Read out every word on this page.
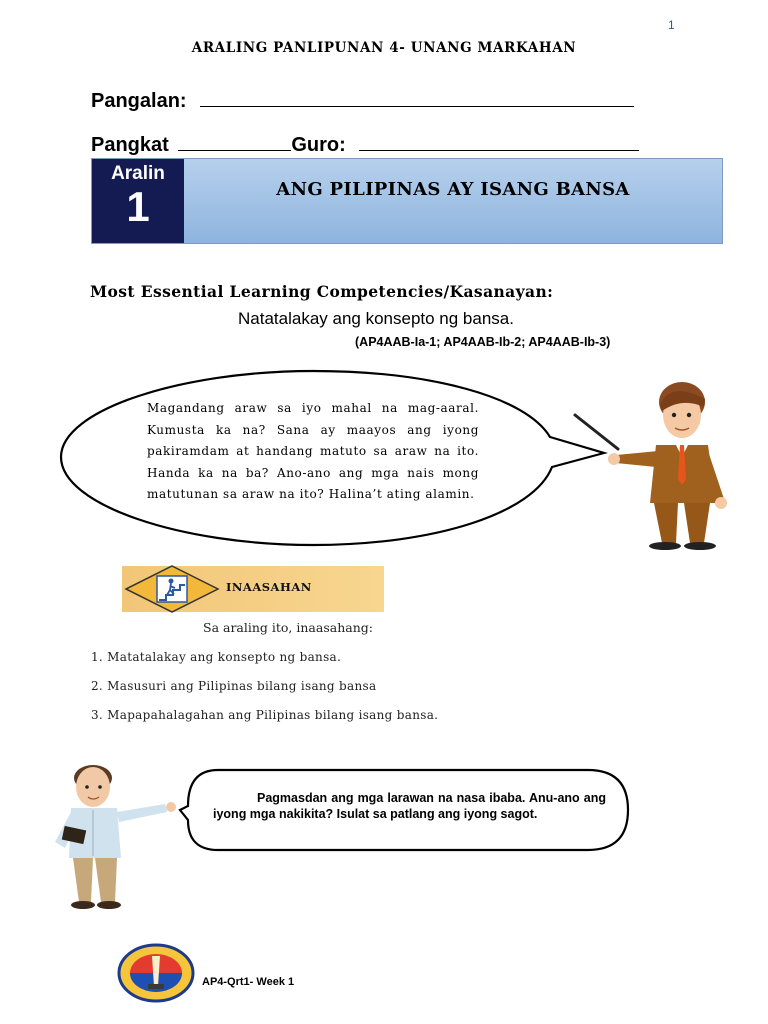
1
ARALING PANLIPUNAN 4- UNANG MARKAHAN
Pangalan:
Pangkat	Guro:
Aralin
1	ANG PILIPINAS AY ISANG BANSA
Most Essential Learning Competencies/Kasanayan:
Natatalakay ang konsepto ng bansa.
(AP4AAB-Ia-1; AP4AAB-Ib-2; AP4AAB-Ib-3)
Magandang araw sa iyo mahal na mag-aaral. Kumusta ka na? Sana ay maayos ang iyong pakiramdam at handang matuto sa araw na ito. Handa ka na ba? Ano-ano ang mga nais mong matutunan sa araw na ito? Halina’t ating alamin.
INAASAHAN
Sa araling ito, inaasahang:
1. Matatalakay ang konsepto ng bansa.
2. Masusuri ang Pilipinas bilang isang bansa
3. Mapapahalagahan ang Pilipinas bilang isang bansa.
Pagmasdan ang mga larawan na nasa ibaba. Anu-ano ang iyong mga nakikita? Isulat sa patlang ang iyong sagot.
AP4-Qrt1- Week 1
